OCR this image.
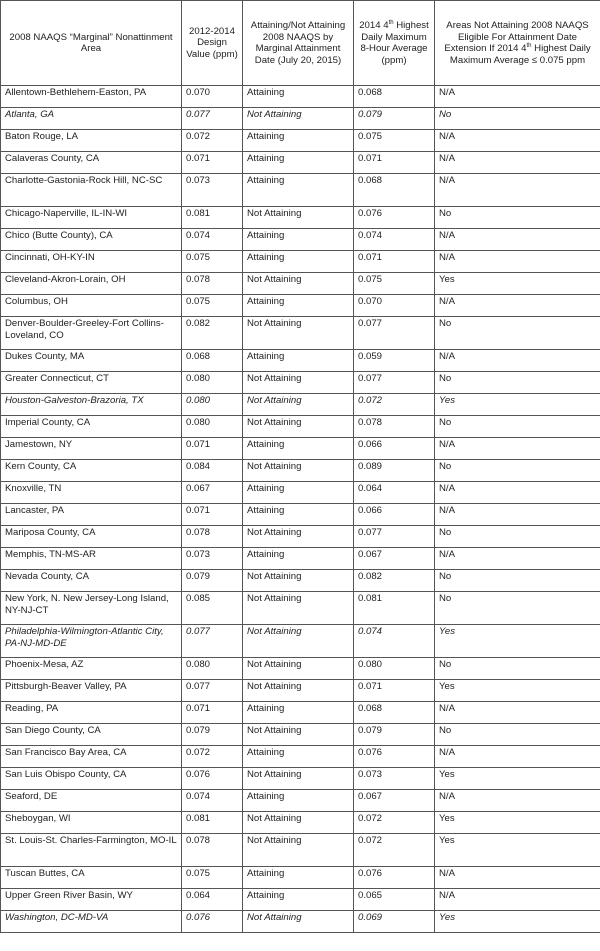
2008 NAAQS “Marginal” Nonattinment Area	2012-2014 Design Value (ppm)	Attaining/Not Attaining 2008 NAAQS by Marginal Attainment Date (July 20, 2015)	2014 4th Highest Daily Maximum 8-Hour Average (ppm)	Areas Not Attaining 2008 NAAQS Eligible For Attainment Date Extension If 2014 4th Highest Daily Maximum Average ≤ 0.075 ppm
Allentown-Bethlehem-Easton, PA	0.070	Attaining	0.068	N/A
Atlanta, GA	0.077	Not Attaining	0.079	No
Baton Rouge, LA	0.072	Attaining	0.075	N/A
Calaveras County, CA	0.071	Attaining	0.071	N/A
Charlotte-Gastonia-Rock Hill, NC-SC	0.073	Attaining	0.068	N/A
Chicago-Naperville, IL-IN-WI	0.081	Not Attaining	0.076	No
Chico (Butte County), CA	0.074	Attaining	0.074	N/A
Cincinnati, OH-KY-IN	0.075	Attaining	0.071	N/A
Cleveland-Akron-Lorain, OH	0.078	Not Attaining	0.075	Yes
Columbus, OH	0.075	Attaining	0.070	N/A
Denver-Boulder-Greeley-Fort Collins-Loveland, CO	0.082	Not Attaining	0.077	No
Dukes County, MA	0.068	Attaining	0.059	N/A
Greater Connecticut, CT	0.080	Not Attaining	0.077	No
Houston-Galveston-Brazoria, TX	0.080	Not Attaining	0.072	Yes
Imperial County, CA	0.080	Not Attaining	0.078	No
Jamestown, NY	0.071	Attaining	0.066	N/A
Kern County, CA	0.084	Not Attaining	0.089	No
Knoxville, TN	0.067	Attaining	0.064	N/A
Lancaster, PA	0.071	Attaining	0.066	N/A
Mariposa County, CA	0.078	Not Attaining	0.077	No
Memphis, TN-MS-AR	0.073	Attaining	0.067	N/A
Nevada County, CA	0.079	Not Attaining	0.082	No
New York, N. New Jersey-Long Island, NY-NJ-CT	0.085	Not Attaining	0.081	No
Philadelphia-Wilmington-Atlantic City, PA-NJ-MD-DE	0.077	Not Attaining	0.074	Yes
Phoenix-Mesa, AZ	0.080	Not Attaining	0.080	No
Pittsburgh-Beaver Valley, PA	0.077	Not Attaining	0.071	Yes
Reading, PA	0.071	Attaining	0.068	N/A
San Diego County, CA	0.079	Not Attaining	0.079	No
San Francisco Bay Area, CA	0.072	Attaining	0.076	N/A
San Luis Obispo County, CA	0.076	Not Attaining	0.073	Yes
Seaford, DE	0.074	Attaining	0.067	N/A
Sheboygan, WI	0.081	Not Attaining	0.072	Yes
St. Louis-St. Charles-Farmington, MO-IL	0.078	Not Attaining	0.072	Yes
Tuscan Buttes, CA	0.075	Attaining	0.076	N/A
Upper Green River Basin, WY	0.064	Attaining	0.065	N/A
Washington, DC-MD-VA	0.076	Not Attaining	0.069	Yes
